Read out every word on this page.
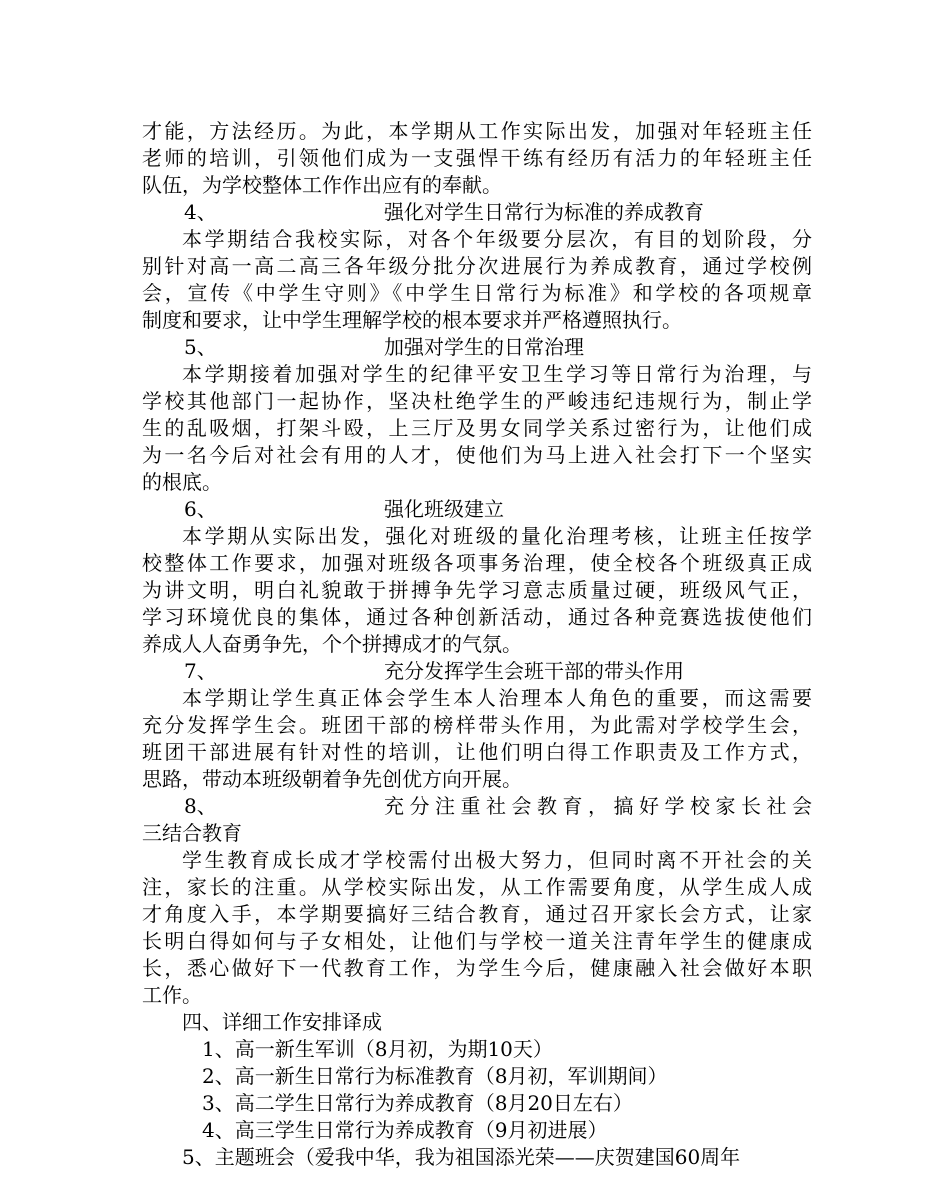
才能，方法经历。为此，本学期从工作实际出发，加强对年轻班主任
老师的培训，引领他们成为一支强悍干练有经历有活力的年轻班主任
队伍，为学校整体工作作出应有的奉献。
4、	强化对学生日常行为标准的养成教育
本学期结合我校实际，对各个年级要分层次，有目的划阶段，分
别针对高一高二高三各年级分批分次进展行为养成教育，通过学校例
会，宣传《中学生守则》《中学生日常行为标准》和学校的各项规章
制度和要求，让中学生理解学校的根本要求并严格遵照执行。
5、	加强对学生的日常治理
本学期接着加强对学生的纪律平安卫生学习等日常行为治理，与
学校其他部门一起协作，坚决杜绝学生的严峻违纪违规行为，制止学
生的乱吸烟，打架斗殴，上三厅及男女同学关系过密行为，让他们成
为一名今后对社会有用的人才，使他们为马上进入社会打下一个坚实
的根底。
6、	强化班级建立
本学期从实际出发，强化对班级的量化治理考核，让班主任按学
校整体工作要求，加强对班级各项事务治理，使全校各个班级真正成
为讲文明，明白礼貌敢于拼搏争先学习意志质量过硬，班级风气正，
学习环境优良的集体，通过各种创新活动，通过各种竞赛选拔使他们
养成人人奋勇争先，个个拼搏成才的气氛。
7、	充分发挥学生会班干部的带头作用
本学期让学生真正体会学生本人治理本人角色的重要，而这需要
充分发挥学生会。班团干部的榜样带头作用，为此需对学校学生会，
班团干部进展有针对性的培训，让他们明白得工作职责及工作方式，
思路，带动本班级朝着争先创优方向开展。
8、	充分注重社会教育，搞好学校家长社会
三结合教育
学生教育成长成才学校需付出极大努力，但同时离不开社会的关
注，家长的注重。从学校实际出发，从工作需要角度，从学生成人成
才角度入手，本学期要搞好三结合教育，通过召开家长会方式，让家
长明白得如何与子女相处，让他们与学校一道关注青年学生的健康成
长，悉心做好下一代教育工作，为学生今后，健康融入社会做好本职
工作。
四、详细工作安排译成
1、高一新生军训（8月初，为期10天）
2、高一新生日常行为标准教育（8月初，军训期间）
3、高二学生日常行为养成教育（8月20日左右）
4、高三学生日常行为养成教育（9月初进展）
5、主题班会（爱我中华，我为祖国添光荣——庆贺建国60周年
